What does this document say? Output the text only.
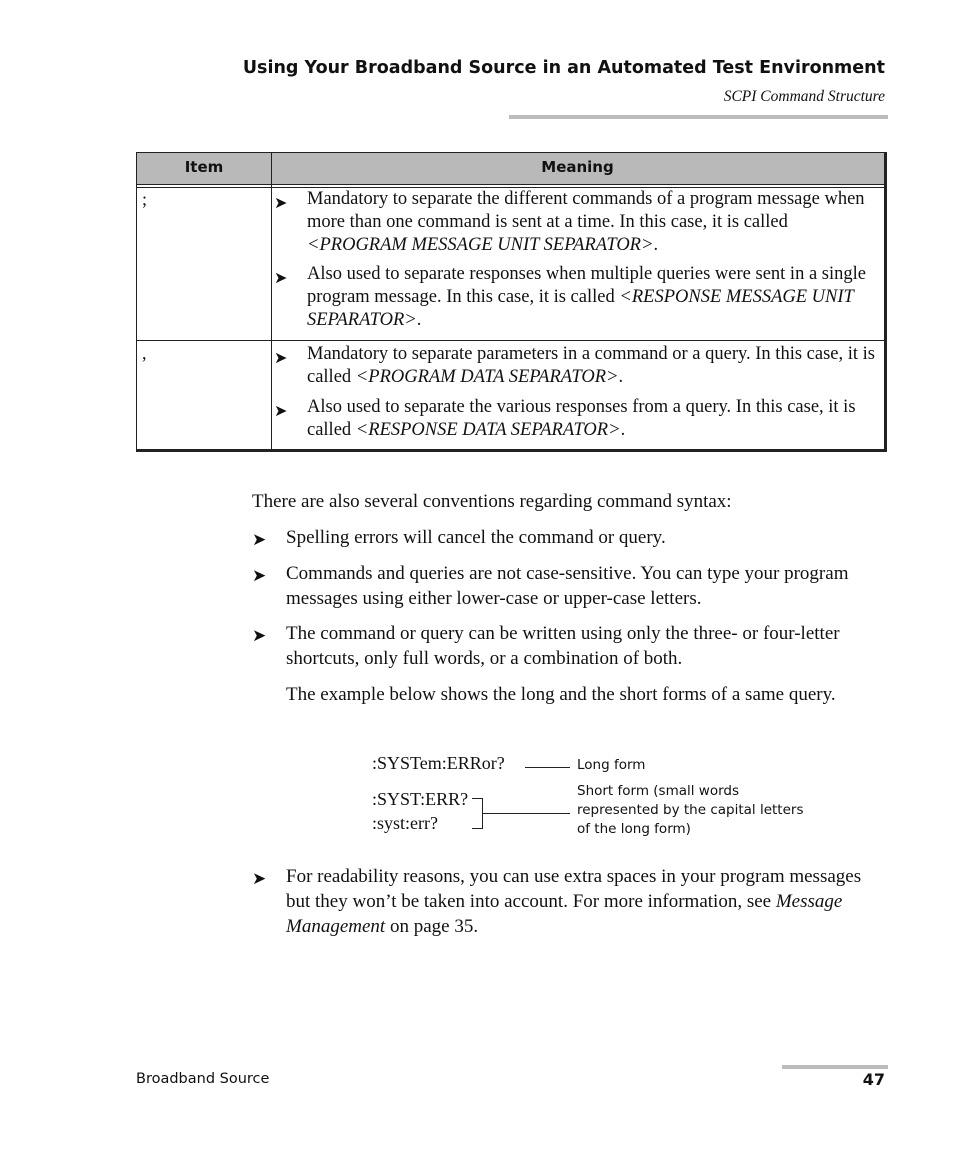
Using Your Broadband Source in an Automated Test Environment
SCPI Command Structure
Item	Meaning
;	➤ Mandatory to separate the different commands of a program message when more than one command is sent at a time. In this case, it is called <PROGRAM MESSAGE UNIT SEPARATOR>.
➤ Also used to separate responses when multiple queries were sent in a single program message. In this case, it is called <RESPONSE MESSAGE UNIT SEPARATOR>.
,	➤ Mandatory to separate parameters in a command or a query. In this case, it is called <PROGRAM DATA SEPARATOR>.
➤ Also used to separate the various responses from a query. In this case, it is called <RESPONSE DATA SEPARATOR>.
There are also several conventions regarding command syntax:
➤ Spelling errors will cancel the command or query.
➤ Commands and queries are not case-sensitive. You can type your program messages using either lower-case or upper-case letters.
➤ The command or query can be written using only the three- or four-letter shortcuts, only full words, or a combination of both.
The example below shows the long and the short forms of a same query.
:SYSTem:ERRor?	Long form
:SYST:ERR?
:syst:err?
Short form (small words
represented by the capital letters
of the long form)
➤ For readability reasons, you can use extra spaces in your program messages but they won’t be taken into account. For more information, see Message Management on page 35.
Broadband Source	47
